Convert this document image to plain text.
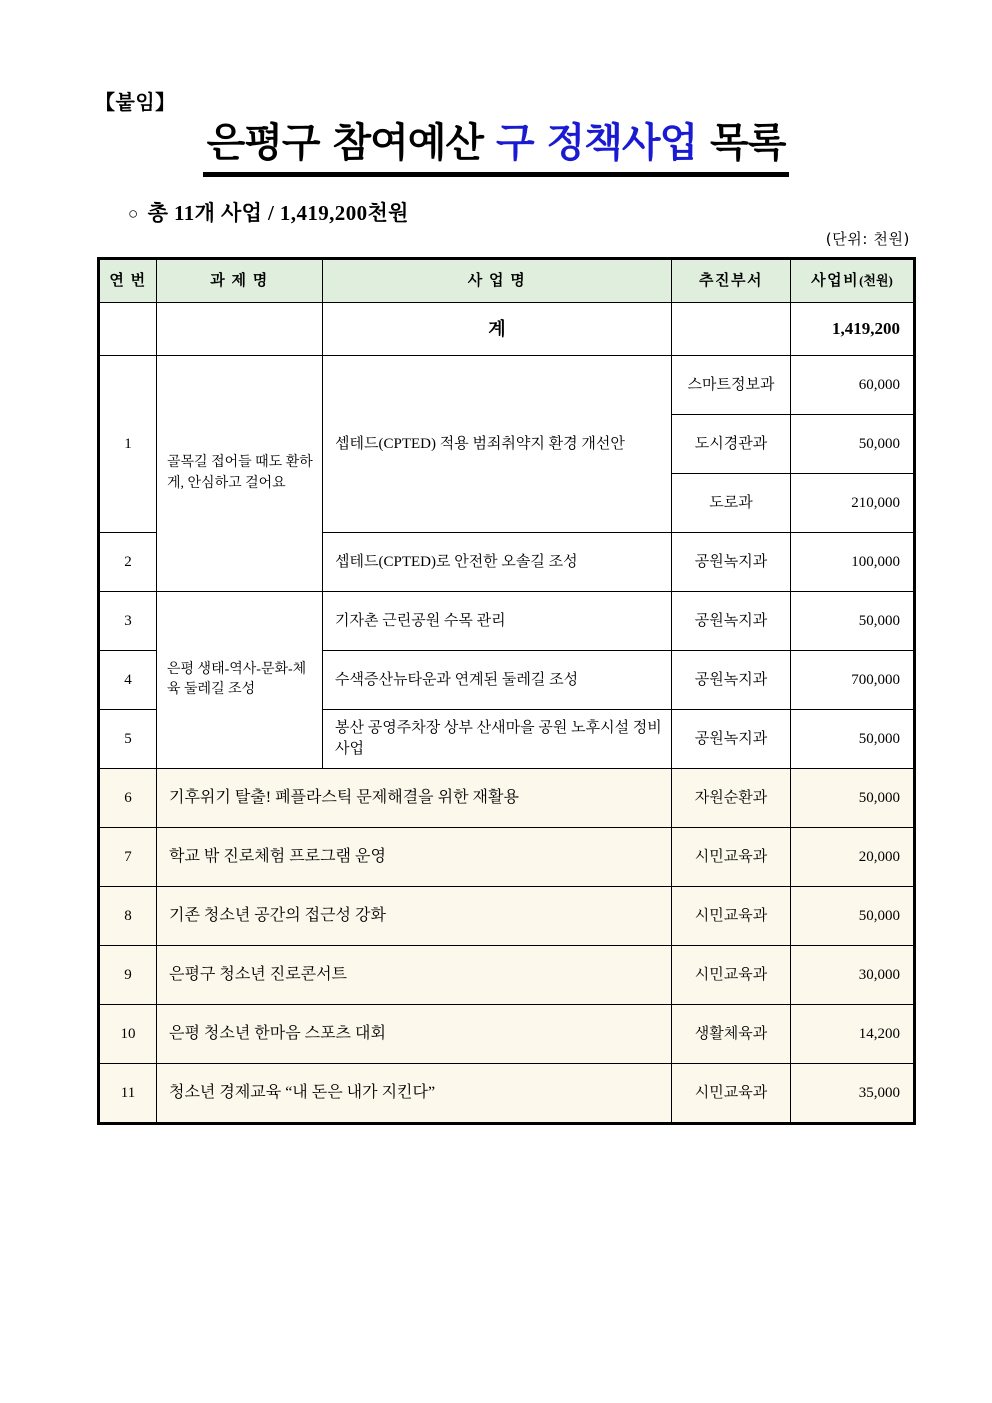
【붙임】
은평구 참여예산 구 정책사업 목록
○ 총 11개 사업 / 1,419,200천원
(단위: 천원)
연 번	과 제 명	사 업 명	추진부서	사업비(천원)
		계		1,419,200

1	골목길 접어들 때도 환하게, 안심하고 걸어요	셉테드(CPTED) 적용 범죄취약지 환경 개선안	스마트정보과	60,000

			도시경관과	50,000

			도로과	210,000

2		셉테드(CPTED)로 안전한 오솔길 조성	공원녹지과	100,000

3	은평 생태-역사-문화-체육 둘레길 조성	기자촌 근린공원 수목 관리	공원녹지과	50,000

4		수색증산뉴타운과 연계된 둘레길 조성	공원녹지과	700,000

5		봉산 공영주차장 상부 산새마을 공원 노후시설 정비사업	공원녹지과	50,000

6	기후위기 탈출! 폐플라스틱 문제해결을 위한 재활용		자원순환과	50,000

7	학교 밖 진로체험 프로그램 운영		시민교육과	20,000

8	기존 청소년 공간의 접근성 강화		시민교육과	50,000

9	은평구 청소년 진로콘서트		시민교육과	30,000

10	은평 청소년 한마음 스포츠 대회		생활체육과	14,200

11	청소년 경제교육 “내 돈은 내가 지킨다”		시민교육과	35,000
